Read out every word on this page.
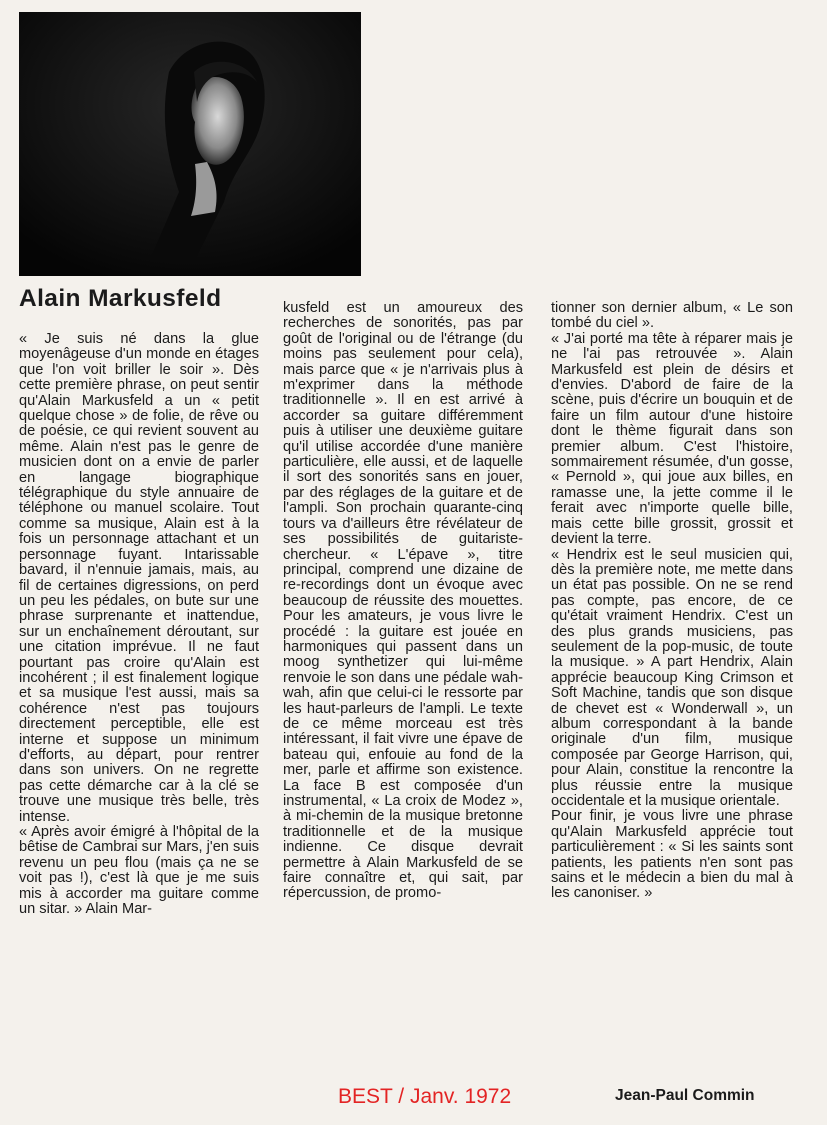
Alain Markusfeld

« Je suis né dans la glue moyenâgeuse d'un monde en étages que l'on voit briller le soir ». Dès cette première phrase, on peut sentir qu'Alain Markusfeld a un « petit quelque chose » de folie, de rêve ou de poésie, ce qui revient souvent au même. Alain n'est pas le genre de musicien dont on a envie de parler en langage biographique télégraphique du style annuaire de téléphone ou manuel scolaire. Tout comme sa musique, Alain est à la fois un personnage attachant et un personnage fuyant. Intarissable bavard, il n'ennuie jamais, mais, au fil de certaines digressions, on perd un peu les pédales, on bute sur une phrase surprenante et inattendue, sur un enchaînement déroutant, sur une citation imprévue. Il ne faut pourtant pas croire qu'Alain est incohérent ; il est finalement logique et sa musique l'est aussi, mais sa cohérence n'est pas toujours directement perceptible, elle est interne et suppose un minimum d'efforts, au départ, pour rentrer dans son univers. On ne regrette pas cette démarche car à la clé se trouve une musique très belle, très intense.
« Après avoir émigré à l'hôpital de la bêtise de Cambrai sur Mars, j'en suis revenu un peu flou (mais ça ne se voit pas !), c'est là que je me suis mis à accorder ma guitare comme un sitar. » Alain Mar-

kusfeld est un amoureux des recherches de sonorités, pas par goût de l'original ou de l'étrange (du moins pas seulement pour cela), mais parce que « je n'arrivais plus à m'exprimer dans la méthode traditionnelle ». Il en est arrivé à accorder sa guitare différemment puis à utiliser une deuxième guitare qu'il utilise accordée d'une manière particulière, elle aussi, et de laquelle il sort des sonorités sans en jouer, par des réglages de la guitare et de l'ampli. Son prochain quarante-cinq tours va d'ailleurs être révélateur de ses possibilités de guitariste-chercheur. « L'épave », titre principal, comprend une dizaine de re-recordings dont un évoque avec beaucoup de réussite des mouettes. Pour les amateurs, je vous livre le procédé : la guitare est jouée en harmoniques qui passent dans un moog synthetizer qui lui-même renvoie le son dans une pédale wah-wah, afin que celui-ci le ressorte par les haut-parleurs de l'ampli. Le texte de ce même morceau est très intéressant, il fait vivre une épave de bateau qui, enfouie au fond de la mer, parle et affirme son existence. La face B est composée d'un instrumental, « La croix de Modez », à mi-chemin de la musique bretonne traditionnelle et de la musique indienne. Ce disque devrait permettre à Alain Markusfeld de se faire connaître et, qui sait, par répercussion, de promo-

tionner son dernier album, « Le son tombé du ciel ».
« J'ai porté ma tête à réparer mais je ne l'ai pas retrouvée ». Alain Markusfeld est plein de désirs et d'envies. D'abord de faire de la scène, puis d'écrire un bouquin et de faire un film autour d'une histoire dont le thème figurait dans son premier album. C'est l'histoire, sommairement résumée, d'un gosse, « Pernold », qui joue aux billes, en ramasse une, la jette comme il le ferait avec n'importe quelle bille, mais cette bille grossit, grossit et devient la terre.
« Hendrix est le seul musicien qui, dès la première note, me mette dans un état pas possible. On ne se rend pas compte, pas encore, de ce qu'était vraiment Hendrix. C'est un des plus grands musiciens, pas seulement de la pop-music, de toute la musique. » A part Hendrix, Alain apprécie beaucoup King Crimson et Soft Machine, tandis que son disque de chevet est « Wonderwall », un album correspondant à la bande originale d'un film, musique composée par George Harrison, qui, pour Alain, constitue la rencontre la plus réussie entre la musique occidentale et la musique orientale.
Pour finir, je vous livre une phrase qu'Alain Markusfeld apprécie tout particulièrement : « Si les saints sont patients, les patients n'en sont pas sains et le médecin a bien du mal à les canoniser. »

BEST / Janv. 1972	Jean-Paul Commin
